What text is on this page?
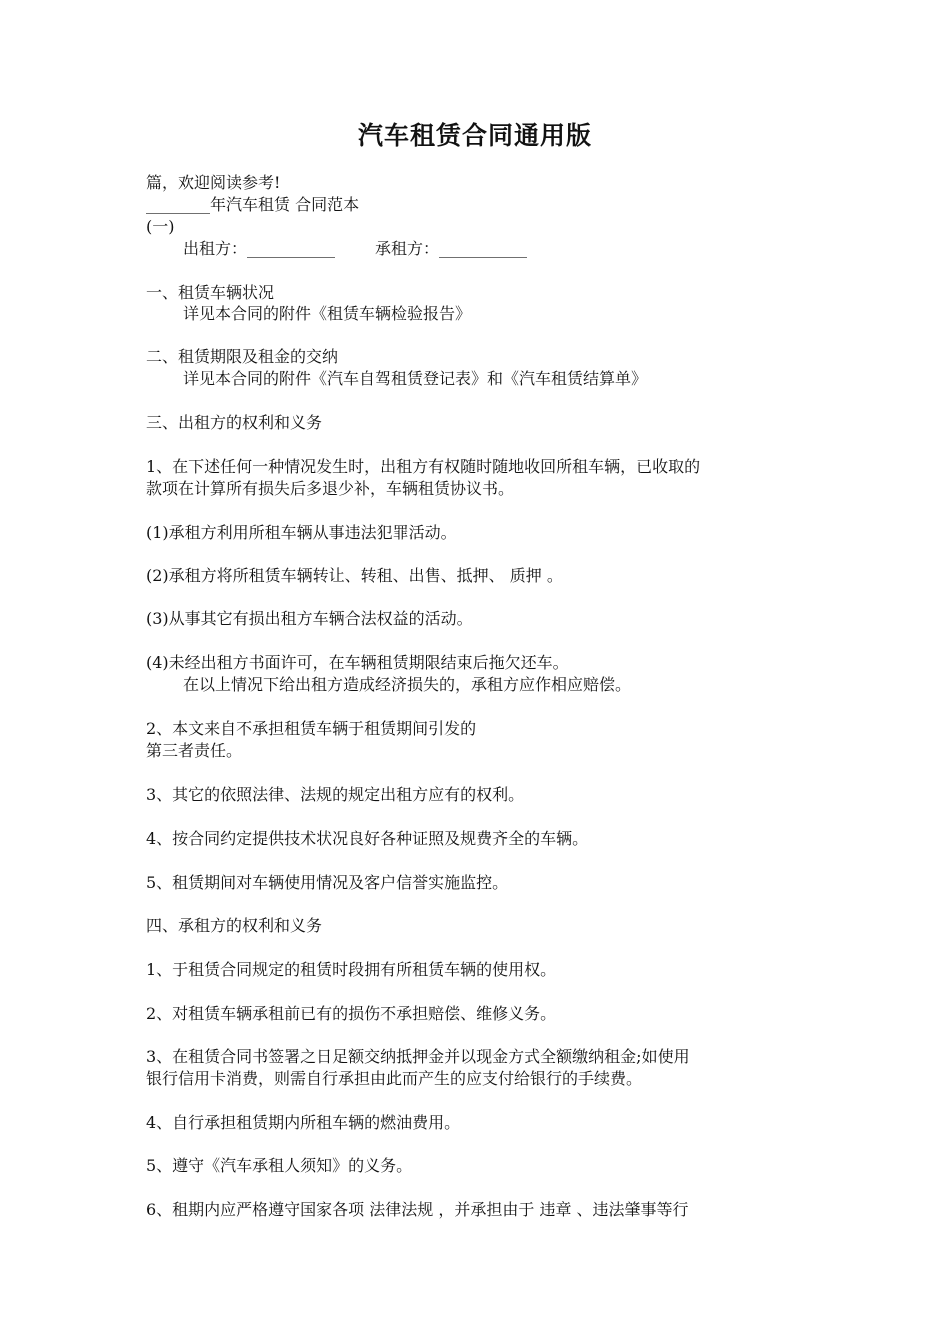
汽车租赁合同通用版
篇，欢迎阅读参考!
________年汽车租赁 合同范本
(一)
出租方：___________	承租方：___________
一、租赁车辆状况
详见本合同的附件《租赁车辆检验报告》
二、租赁期限及租金的交纳
详见本合同的附件《汽车自驾租赁登记表》和《汽车租赁结算单》
三、出租方的权利和义务
1、在下述任何一种情况发生时，出租方有权随时随地收回所租车辆，已收取的
款项在计算所有损失后多退少补，车辆租赁协议书。
(1)承租方利用所租车辆从事违法犯罪活动。
(2)承租方将所租赁车辆转让、转租、出售、抵押、 质押 。
(3)从事其它有损出租方车辆合法权益的活动。
(4)未经出租方书面许可，在车辆租赁期限结束后拖欠还车。
在以上情况下给出租方造成经济损失的，承租方应作相应赔偿。
2、本文来自不承担租赁车辆于租赁期间引发的
第三者责任。
3、其它的依照法律、法规的规定出租方应有的权利。
4、按合同约定提供技术状况良好各种证照及规费齐全的车辆。
5、租赁期间对车辆使用情况及客户信誉实施监控。
四、承租方的权利和义务
1、于租赁合同规定的租赁时段拥有所租赁车辆的使用权。
2、对租赁车辆承租前已有的损伤不承担赔偿、维修义务。
3、在租赁合同书签署之日足额交纳抵押金并以现金方式全额缴纳租金;如使用
银行信用卡消费，则需自行承担由此而产生的应支付给银行的手续费。
4、自行承担租赁期内所租车辆的燃油费用。
5、遵守《汽车承租人须知》的义务。
6、租期内应严格遵守国家各项 法律法规 ，并承担由于 违章 、违法肇事等行
